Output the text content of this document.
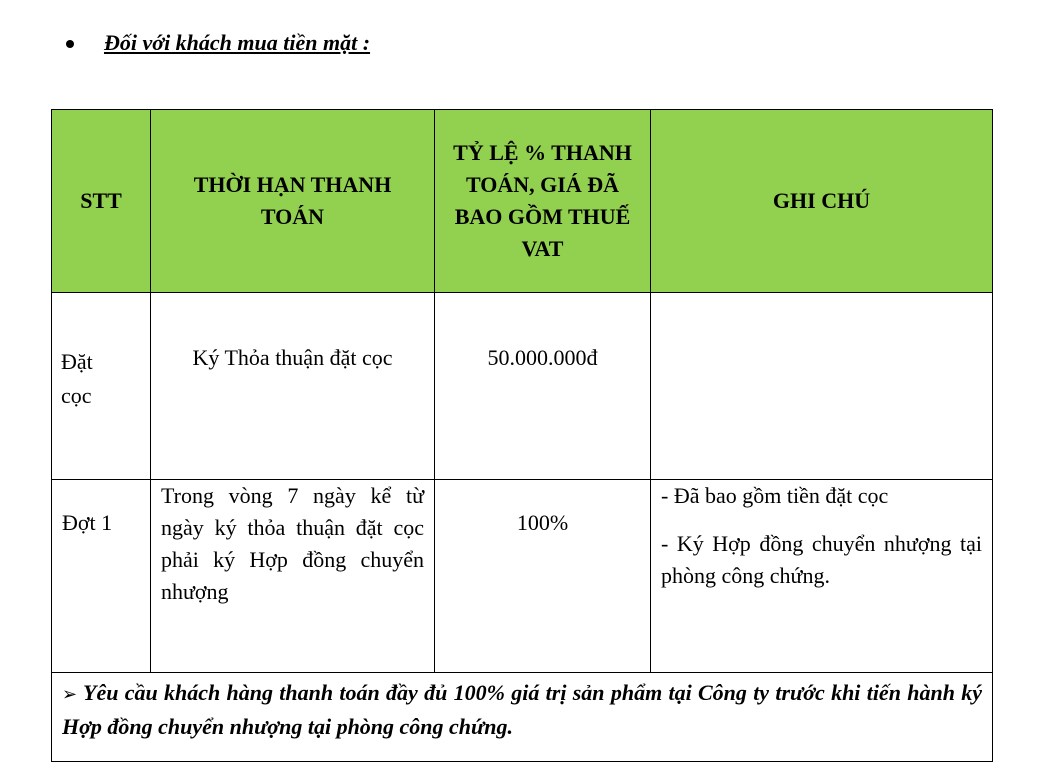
Đối với khách mua tiền mặt :
STT	THỜI HẠN THANH TOÁN	TỶ LỆ % THANH TOÁN, GIÁ ĐÃ BAO GỒM THUẾ VAT	GHI CHÚ

Đặt cọc	Ký Thỏa thuận đặt cọc	50.000.000đ	
Đợt 1	Trong vòng 7 ngày kể từ ngày ký thỏa thuận đặt cọc phải ký Hợp đồng chuyển nhượng	100%	- Đã bao gồm tiền đặt cọc

- Ký Hợp đồng chuyển nhượng tại phòng công chứng.

➢ Yêu cầu khách hàng thanh toán đầy đủ 100% giá trị sản phẩm tại Công ty trước khi tiến hành ký Hợp đồng chuyển nhượng tại phòng công chứng.			
